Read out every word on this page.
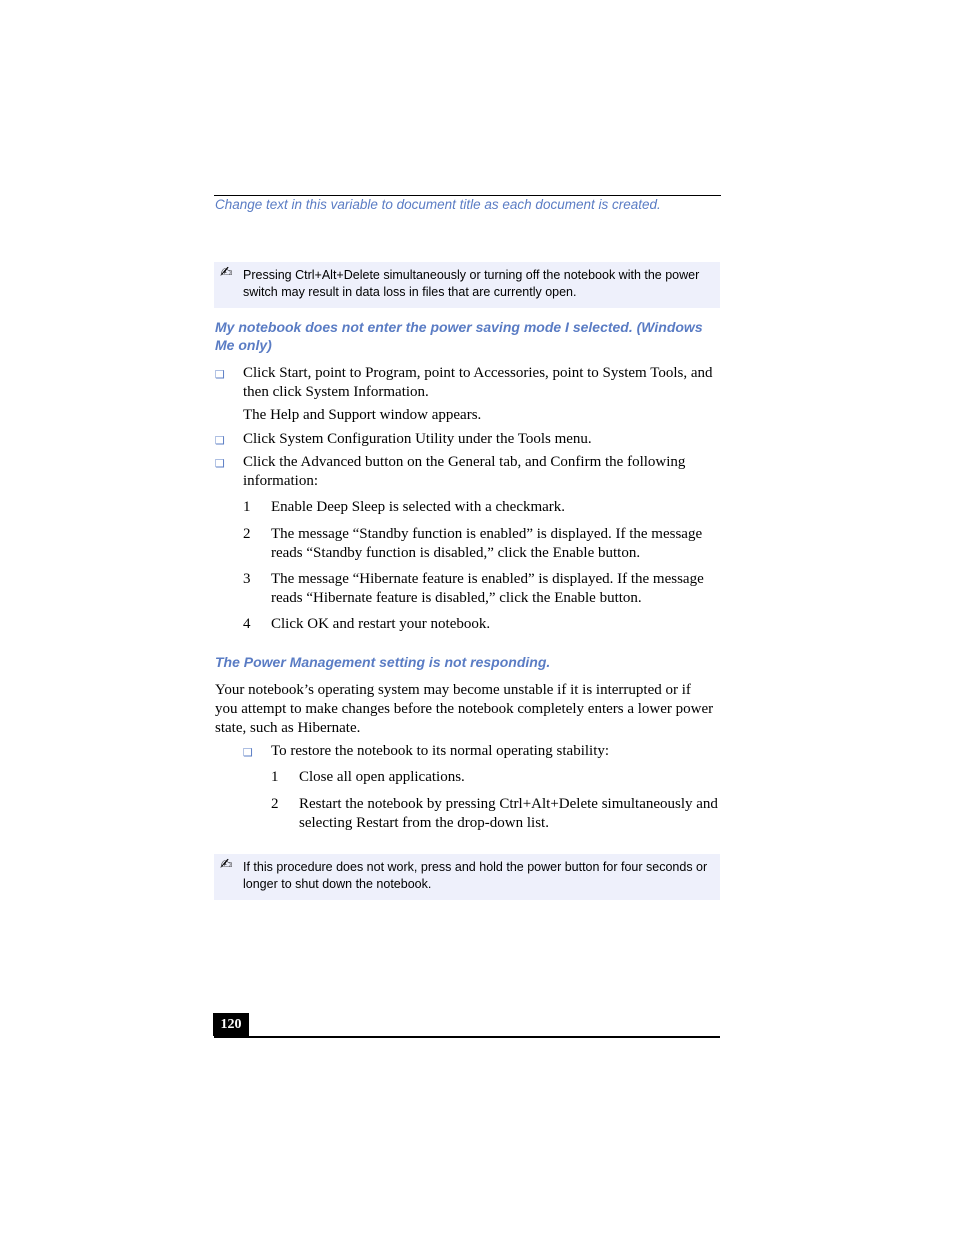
Change text in this variable to document title as each document is created.
✍ Pressing Ctrl+Alt+Delete simultaneously or turning off the notebook with the power switch may result in data loss in files that are currently open.
My notebook does not enter the power saving mode I selected. (Windows Me only)
❑ Click Start, point to Program, point to Accessories, point to System Tools, and then click System Information.
The Help and Support window appears.
❑ Click System Configuration Utility under the Tools menu.
❑ Click the Advanced button on the General tab, and Confirm the following information:
1 Enable Deep Sleep is selected with a checkmark.
2 The message “Standby function is enabled” is displayed. If the message reads “Standby function is disabled,” click the Enable button.
3 The message “Hibernate feature is enabled” is displayed. If the message reads “Hibernate feature is disabled,” click the Enable button.
4 Click OK and restart your notebook.
The Power Management setting is not responding.
Your notebook’s operating system may become unstable if it is interrupted or if you attempt to make changes before the notebook completely enters a lower power state, such as Hibernate.
❑ To restore the notebook to its normal operating stability:
1 Close all open applications.
2 Restart the notebook by pressing Ctrl+Alt+Delete simultaneously and selecting Restart from the drop-down list.
✍ If this procedure does not work, press and hold the power button for four seconds or longer to shut down the notebook.
120
